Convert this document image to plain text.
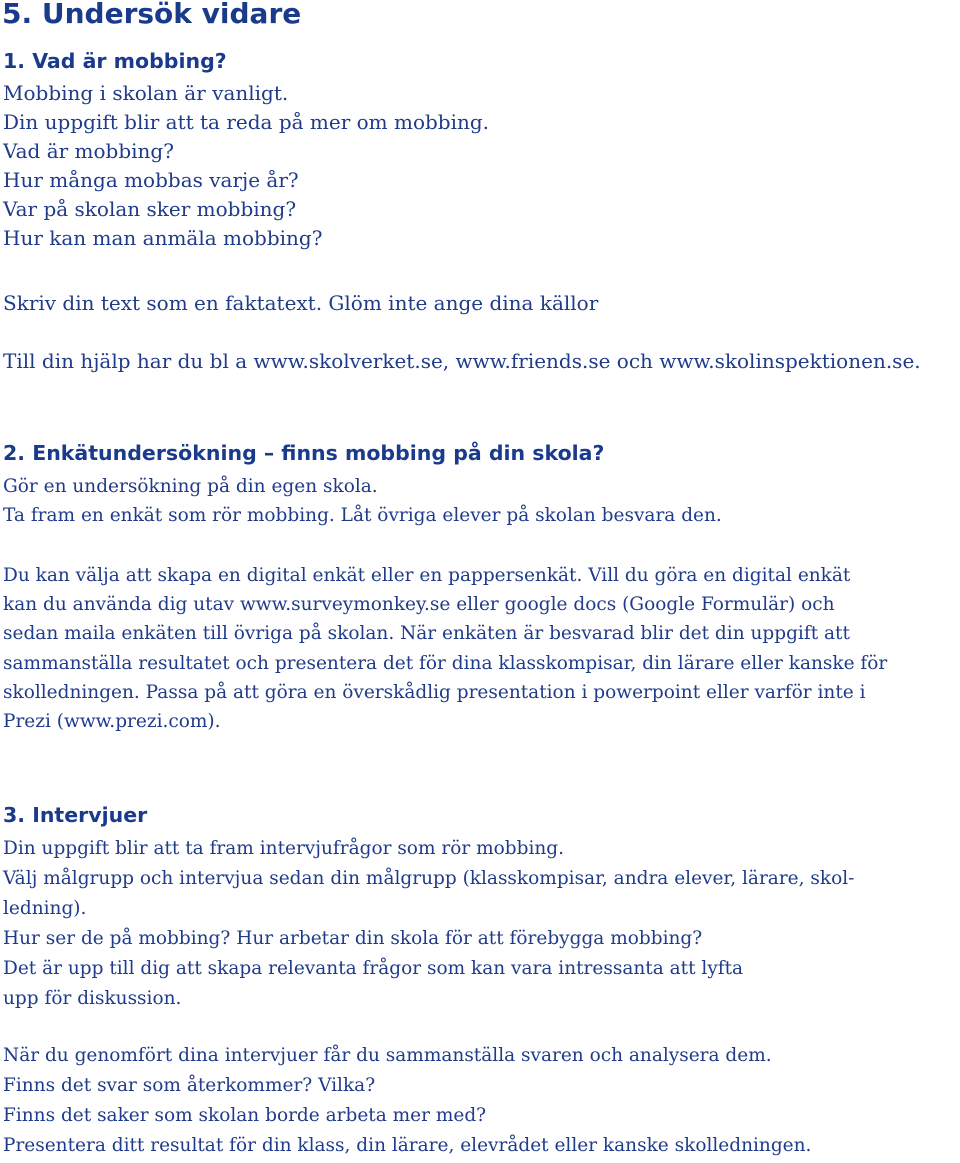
5. Undersök vidare
1. Vad är mobbing?
Mobbing i skolan är vanligt.
Din uppgift blir att ta reda på mer om mobbing.
Vad är mobbing?
Hur många mobbas varje år?
Var på skolan sker mobbing?
Hur kan man anmäla mobbing?
Skriv din text som en faktatext. Glöm inte ange dina källor
Till din hjälp har du bl a www.skolverket.se, www.friends.se och www.skolinspektionen.se.
2. Enkätundersökning – finns mobbing på din skola?
Gör en undersökning på din egen skola.
Ta fram en enkät som rör mobbing. Låt övriga elever på skolan besvara den.
Du kan välja att skapa en digital enkät eller en pappersenkät. Vill du göra en digital enkät
kan du använda dig utav www.surveymonkey.se eller google docs (Google Formulär) och
sedan maila enkäten till övriga på skolan. När enkäten är besvarad blir det din uppgift att
sammanställa resultatet och presentera det för dina klasskompisar, din lärare eller kanske för
skolledningen. Passa på att göra en överskådlig presentation i powerpoint eller varför inte i
Prezi (www.prezi.com).
3. Intervjuer
Din uppgift blir att ta fram intervjufrågor som rör mobbing.
Välj målgrupp och intervjua sedan din målgrupp (klasskompisar, andra elever, lärare, skol-
ledning).
Hur ser de på mobbing? Hur arbetar din skola för att förebygga mobbing?
Det är upp till dig att skapa relevanta frågor som kan vara intressanta att lyfta
upp för diskussion.
När du genomfört dina intervjuer får du sammanställa svaren och analysera dem.
Finns det svar som återkommer? Vilka?
Finns det saker som skolan borde arbeta mer med?
Presentera ditt resultat för din klass, din lärare, elevrådet eller kanske skolledningen.
